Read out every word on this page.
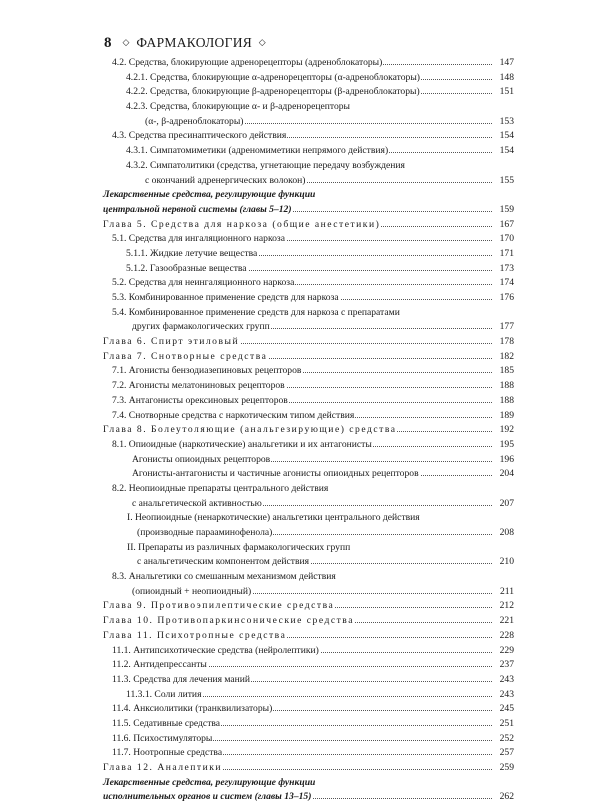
8 ◇ ФАРМАКОЛОГИЯ ◇
4.2. Средства, блокирующие адренорецепторы (адреноблокаторы)	147
4.2.1. Средства, блокирующие α-адренорецепторы (α-адреноблокаторы)	148
4.2.2. Средства, блокирующие β-адренорецепторы (β-адреноблокаторы)	151
4.2.3. Средства, блокирующие α- и β-адренорецепторы
(α-, β-адреноблокаторы)	153
4.3. Средства пресинаптического действия	154
4.3.1. Симпатомиметики (адреномиметики непрямого действия)	154
4.3.2. Симпатолитики (средства, угнетающие передачу возбуждения
с окончаний адренергических волокон)	155
Лекарственные средства, регулирующие функции
центральной нервной системы (главы 5–12)	159
Глава 5. Средства для наркоза (общие анестетики)	167
5.1. Средства для ингаляционного наркоза	170
5.1.1. Жидкие летучие вещества	171
5.1.2. Газообразные вещества	173
5.2. Средства для неингаляционного наркоза	174
5.3. Комбинированное применение средств для наркоза	176
5.4. Комбинированное применение средств для наркоза с препаратами
других фармакологических групп	177
Глава 6. Спирт этиловый	178
Глава 7. Снотворные средства	182
7.1. Агонисты бензодиазепиновых рецепторов	185
7.2. Агонисты мелатониновых рецепторов	188
7.3. Антагонисты орексиновых рецепторов	188
7.4. Снотворные средства с наркотическим типом действия	189
Глава 8. Болеутоляющие (анальгезирующие) средства	192
8.1. Опиоидные (наркотические) анальгетики и их антагонисты	195
Агонисты опиоидных рецепторов	196
Агонисты-антагонисты и частичные агонисты опиоидных рецепторов	204
8.2. Неопиоидные препараты центрального действия
с анальгетической активностью	207
I. Неопиоидные (ненаркотические) анальгетики центрального действия
(производные парааминофенола)	208
II. Препараты из различных фармакологических групп
с анальгетическим компонентом действия	210
8.3. Анальгетики со смешанным механизмом действия
(опиоидный + неопиоидный)	211
Глава 9. Противоэпилептические средства	212
Глава 10. Противопаркинсонические средства	221
Глава 11. Психотропные средства	228
11.1. Антипсихотические средства (нейролептики)	229
11.2. Антидепрессанты	237
11.3. Средства для лечения маний	243
11.3.1. Соли лития	243
11.4. Анксиолитики (транквилизаторы)	245
11.5. Седативные средства	251
11.6. Психостимуляторы	252
11.7. Ноотропные средства	257
Глава 12. Аналептики	259
Лекарственные средства, регулирующие функции
исполнительных органов и систем (главы 13–15)	262
